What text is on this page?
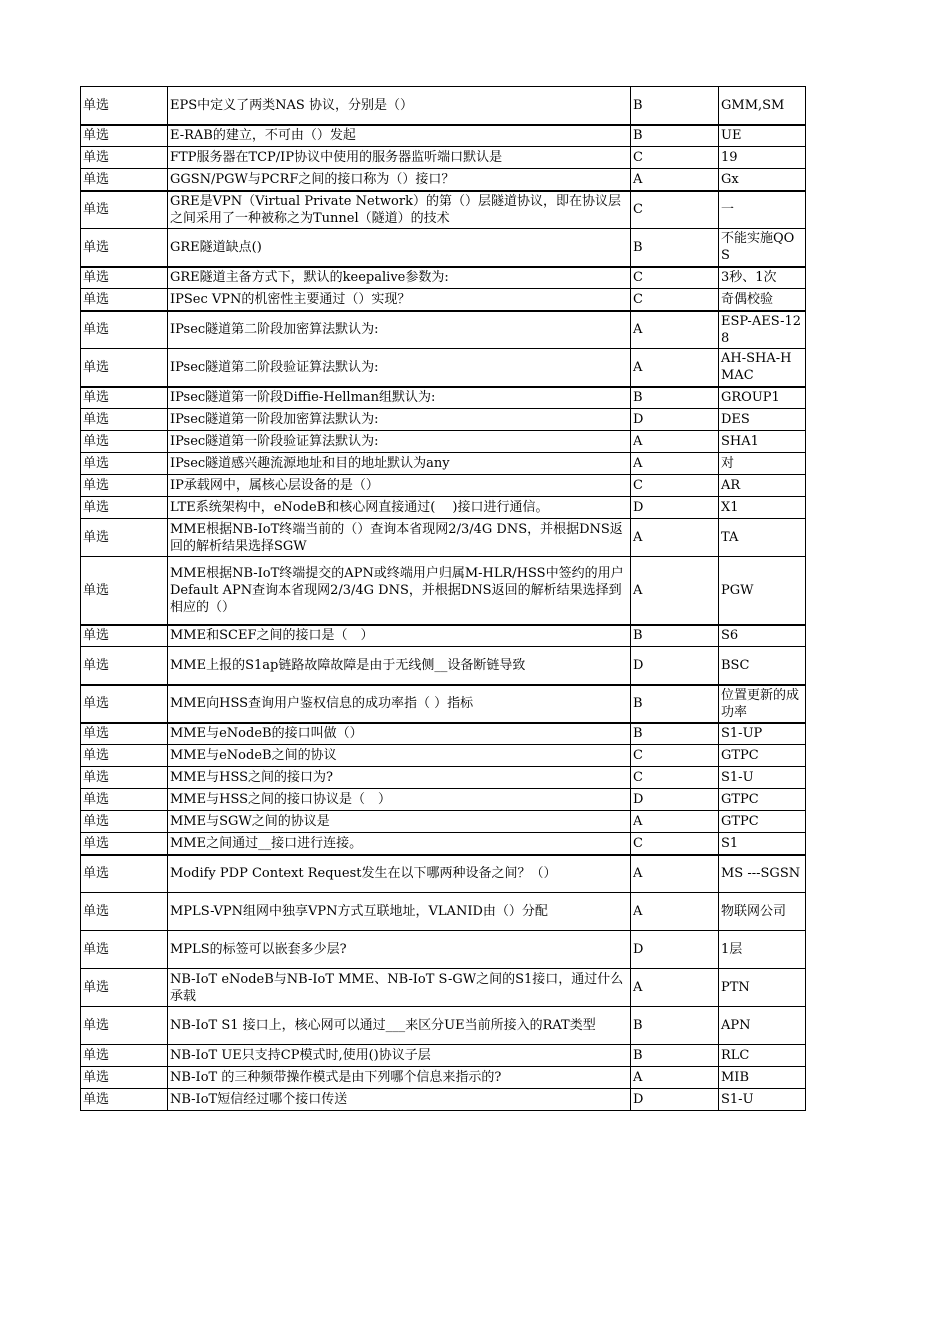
单选	EPS中定义了两类NAS 协议，分别是（）	B	GMM,SM
单选	E-RAB的建立，不可由（）发起	B	UE
单选	FTP服务器在TCP/IP协议中使用的服务器监听端口默认是	C	19
单选	GGSN/PGW与PCRF之间的接口称为（）接口？	A	Gx
单选	GRE是VPN（Virtual Private Network）的第（）层隧道协议，即在协议层之间采用了一种被称之为Tunnel（隧道）的技术	C	一
单选	GRE隧道缺点()	B	不能实施QOS
单选	GRE隧道主备方式下，默认的keepalive参数为:	C	3秒、1次
单选	IPSec VPN的机密性主要通过（）实现？	C	奇偶校验
单选	IPsec隧道第二阶段加密算法默认为:	A	ESP-AES-128
单选	IPsec隧道第二阶段验证算法默认为:	A	AH-SHA-HMAC
单选	IPsec隧道第一阶段Diffie-Hellman组默认为:	B	GROUP1
单选	IPsec隧道第一阶段加密算法默认为:	D	DES
单选	IPsec隧道第一阶段验证算法默认为:	A	SHA1
单选	IPsec隧道感兴趣流源地址和目的地址默认为any	A	对
单选	IP承载网中，属核心层设备的是（）	C	AR
单选	LTE系统架构中，eNodeB和核心网直接通过(　 )接口进行通信。	D	X1
单选	MME根据NB-IoT终端当前的（）查询本省现网2/3/4G DNS，并根据DNS返回的解析结果选择SGW	A	TA
单选	MME根据NB-IoT终端提交的APN或终端用户归属M-HLR/HSS中签约的用户Default APN查询本省现网2/3/4G DNS，并根据DNS返回的解析结果选择到相应的（）	A	PGW
单选	MME和SCEF之间的接口是（　）	B	S6
单选	MME上报的S1ap链路故障故障是由于无线侧__设备断链导致	D	BSC
单选	MME向HSS查询用户鉴权信息的成功率指（ ）指标	B	位置更新的成功率
单选	MME与eNodeB的接口叫做（）	B	S1-UP
单选	MME与eNodeB之间的协议	C	GTPC
单选	MME与HSS之间的接口为?	C	S1-U
单选	MME与HSS之间的接口协议是（　）	D	GTPC
单选	MME与SGW之间的协议是	A	GTPC
单选	MME之间通过__接口进行连接。	C	S1
单选	Modify PDP Context Request发生在以下哪两种设备之间？（）	A	MS ---SGSN
单选	MPLS-VPN组网中独享VPN方式互联地址，VLANID由（）分配	A	物联网公司
单选	MPLS的标签可以嵌套多少层?	D	1层
单选	NB-IoT eNodeB与NB-IoT MME、NB-IoT S-GW之间的S1接口，通过什么承载	A	PTN
单选	NB-IoT S1 接口上，核心网可以通过___来区分UE当前所接入的RAT类型	B	APN
单选	NB-IoT UE只支持CP模式时,使用()协议子层	B	RLC
单选	NB-IoT 的三种频带操作模式是由下列哪个信息来指示的?	A	MIB
单选	NB-IoT短信经过哪个接口传送	D	S1-U
